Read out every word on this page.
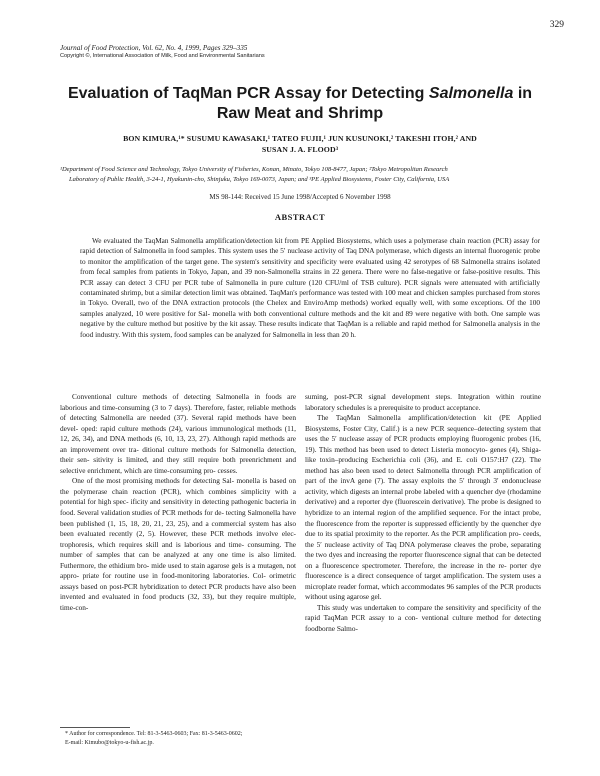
329
Journal of Food Protection, Vol. 62, No. 4, 1999, Pages 329–335
Copyright ©, International Association of Milk, Food and Environmental Sanitarians
Evaluation of TaqMan PCR Assay for Detecting Salmonella in Raw Meat and Shrimp
BON KIMURA,¹* SUSUMU KAWASAKI,¹ TATEO FUJII,¹ JUN KUSUNOKI,² TAKESHI ITOH,² AND
SUSAN J. A. FLOOD³

¹Department of Food Science and Technology, Tokyo University of Fisheries, Konan, Minato, Tokyo 108-8477, Japan; ²Tokyo Metropolitan Research

Laboratory of Public Health, 3-24-1, Hyakunin-cho, Shinjuku, Tokyo 169-0073, Japan; and ³PE Applied Biosystems, Foster City, California, USA

MS 98-144: Received 15 June 1998/Accepted 6 November 1998
ABSTRACT
We evaluated the TaqMan Salmonella amplification/detection kit from PE Applied Biosystems, which uses a polymerase chain reaction (PCR) assay for rapid detection of Salmonella in food samples. This system uses the 5′ nuclease activity of Taq DNA polymerase, which digests an internal fluorogenic probe to monitor the amplification of the target gene. The system's sensitivity and specificity were evaluated using 42 serotypes of 68 Salmonella strains isolated from fecal samples from patients in Tokyo, Japan, and 39 non-Salmonella strains in 22 genera. There were no false-negative or false-positive results. This PCR assay can detect 3 CFU per PCR tube of Salmonella in pure culture (120 CFU/ml of TSB culture). PCR signals were attenuated with artificially contaminated shrimp, but a similar detection limit was obtained. TaqMan's performance was tested with 100 meat and chicken samples purchased from stores in Tokyo. Overall, two of the DNA extraction protocols (the Chelex and EnviroAmp methods) worked equally well, with some exceptions. Of the 100 samples analyzed, 10 were positive for Sal- monella with both conventional culture methods and the kit and 89 were negative with both. One sample was negative by the culture method but positive by the kit assay. These results indicate that TaqMan is a reliable and rapid method for Salmonella analysis in the food industry. With this system, food samples can be analyzed for Salmonella in less than 20 h.

Conventional culture methods of detecting Salmonella in foods are laborious and time-consuming (3 to 7 days). Therefore, faster, reliable methods of detecting Salmonella are needed (37). Several rapid methods have been devel- oped: rapid culture methods (24), various immunological methods (11, 12, 26, 34), and DNA methods (6, 10, 13, 23, 27). Although rapid methods are an improvement over tra- ditional culture methods for Salmonella detection, their sen- sitivity is limited, and they still require both preenrichment and selective enrichment, which are time-consuming pro- cesses.

One of the most promising methods for detecting Sal- monella is based on the polymerase chain reaction (PCR), which combines simplicity with a potential for high spec- ificity and sensitivity in detecting pathogenic bacteria in food. Several validation studies of PCR methods for de- tecting Salmonella have been published (1, 15, 18, 20, 21, 23, 25), and a commercial system has also been evaluated recently (2, 5). However, these PCR methods involve elec- trophoresis, which requires skill and is laborious and time- consuming. The number of samples that can be analyzed at any one time is also limited. Futhermore, the ethidium bro- mide used to stain agarose gels is a mutagen, not appro- priate for routine use in food-monitoring laboratories. Col- orimetric assays based on post-PCR hybridization to detect PCR products have also been invented and evaluated in food products (32, 33), but they require multiple, time-con-

suming, post-PCR signal development steps. Integration within routine laboratory schedules is a prerequisite to product acceptance.

The TaqMan Salmonella amplification/detection kit (PE Applied Biosystems, Foster City, Calif.) is a new PCR sequence–detecting system that uses the 5′ nuclease assay of PCR products employing fluorogenic probes (16, 19). This method has been used to detect Listeria monocyto- genes (4), Shiga-like toxin–producing Escherichia coli (36), and E. coli O157:H7 (22). The method has also been used to detect Salmonella through PCR amplification of part of the invA gene (7). The assay exploits the 5′ through 3′ endonuclease activity, which digests an internal probe labeled with a quencher dye (rhodamine derivative) and a reporter dye (fluorescein derivative). The probe is designed to hybridize to an internal region of the amplified sequence. For the intact probe, the fluorescence from the reporter is suppressed efficiently by the quencher dye due to its spatial proximity to the reporter. As the PCR amplification pro- ceeds, the 5′ nuclease activity of Taq DNA polymerase cleaves the probe, separating the two dyes and increasing the reporter fluorescence signal that can be detected on a fluorescence spectrometer. Therefore, the increase in the re- porter dye fluorescence is a direct consequence of target amplification. The system uses a microplate reader format, which accommodates 96 samples of the PCR products without using agarose gel.

This study was undertaken to compare the sensitivity and specificity of the rapid TaqMan PCR assay to a con- ventional culture method for detecting foodborne Salmo-

* Author for correspondence. Tel: 81-3-5463-0603; Fax: 81-3-5463-0602;

E-mail: Kimubo@tokyo-u-fish.ac.jp.
